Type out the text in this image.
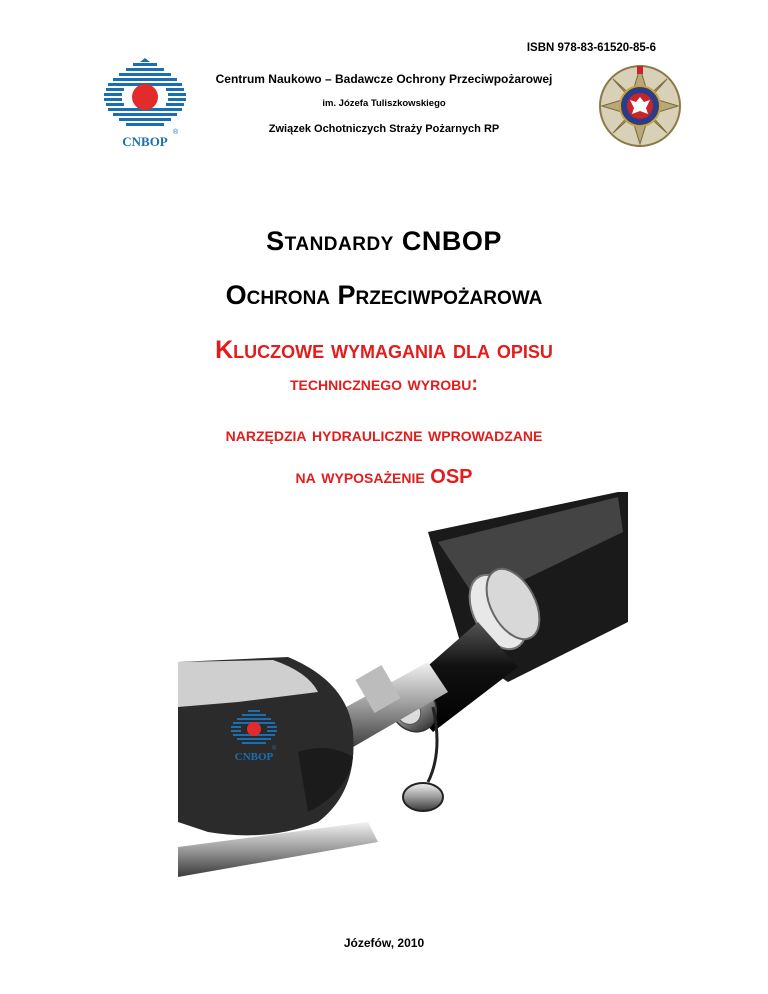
ISBN 978-83-61520-85-6
®
CNBOP
Centrum Naukowo – Badawcze Ochrony Przeciwpożarowej
im. Józefa Tuliszkowskiego
Związek Ochotniczych Straży Pożarnych RP
Standardy CNBOP
Ochrona Przeciwpożarowa
Kluczowe wymagania dla opisu
technicznego wyrobu:
narzędzia hydrauliczne wprowadzane
na wyposażenie OSP
CNBOP
®
Józefów, 2010
